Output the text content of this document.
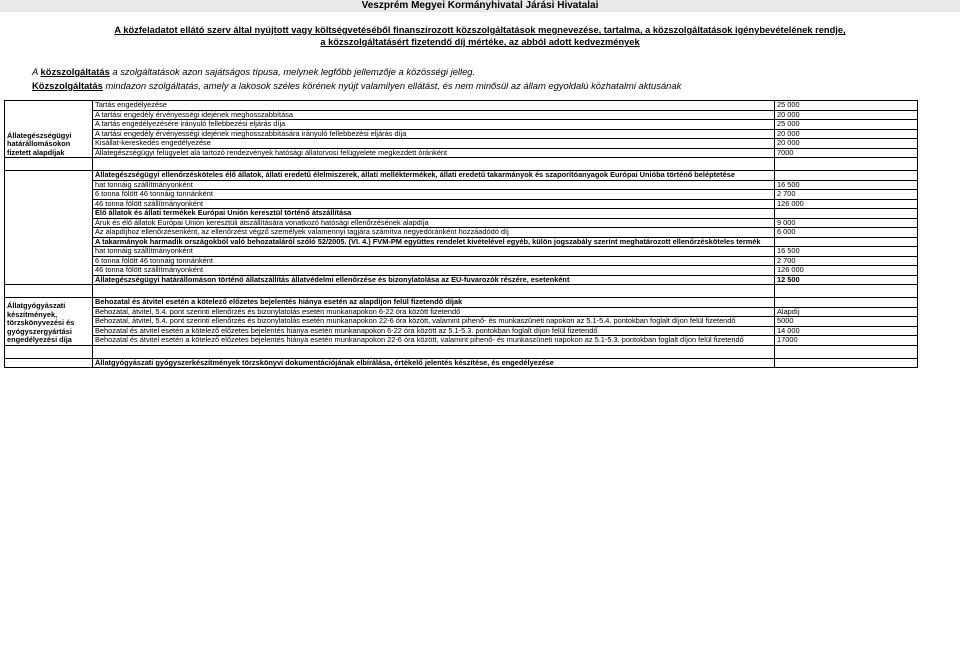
Veszprém Megyei Kormányhivatal Járási Hivatalai
A közfeladatot ellátó szerv által nyújtott vagy költségvetéséből finanszírozott közszolgáltatások megnevezése, tartalma, a közszolgáltatások igénybevételének rendje,
a közszolgáltatásért fizetendő díj mértéke, az abból adott kedvezmények
A közszolgáltatás a szolgáltatások azon sajátságos típusa, melynek legfőbb jellemzője a közösségi jelleg.
Közszolgáltatás mindazon szolgáltatás, amely a lakosok széles körének nyújt valamilyen ellátást, és nem minősül az állam egyoldalú közhatalmi aktusának
Állategészségügyi határállomásokon fizetett alapdíjak	Tartás engedélyezése	25 000
	A tartási engedély érvényességi idejének meghosszabbítása	20 000
	A tartás engedélyezésére irányuló fellebbezési eljárás díja	25 000
	A tartási engedély érvényességi idejének meghosszabbítására irányuló fellebbezési eljárás díja	20 000
	Kisállat-kereskedés engedélyezése	20 000
	Állategészségügyi felügyelet alá tartozó rendezvények hatósági állatorvosi felügyelete megkezdett óránként	7000

	Állategészségügyi ellenőrzésköteles élő állatok, állati eredetű élelmiszerek, állati melléktermékek, állati eredetű takarmányok és szaporítóanyagok Európai Unióba történő beléptetése	
	hat tonnáig szállítmányonként	16 500
	6 tonna fölött 46 tonnáig tonnánként	2 700
	46 tonna fölött szállítmányonként	126 000
	Élő állatok és állati termékek Európai Unión keresztül történő átszállítása	
	Áruk és élő állatok Európai Unión keresztüli átszállítására vonatkozó hatósági ellenőrzésének alapdíja	9 000
	Az alapdíjhoz ellenőrzésenként, az ellenőrzést végző személyek valamennyi tagjára számítva negyedóránként hozzáadódó díj	6 000
	A takarmányok harmadik országokból való behozataláról szóló 52/2005. (VI. 4.) FVM-PM együttes rendelet kivételével egyéb, külön jogszabály szerint meghatározott ellenőrzésköteles termék	
	hat tonnáig szállítmányonként	16 500
	6 tonna fölött 46 tonnáig tonnánként	2 700
	46 tonna fölött szállítmányonként	126 000
	Állategészségügyi határállomáson történő állatszállítás állatvédelmi ellenőrzése és bizonylatolása az EU-fuvarozók részére, esetenként	12 500

Állatgyógyászati készítmények, törzskönyvezési és gyógyszergyártási engedélyezési díja	Behozatal és átvitel esetén a kötelező előzetes bejelentés hiánya esetén az alapdíjon felül fizetendő díjak	
	Behozatal, átvitel, 5.4. pont szerinti ellenőrzés és bizonylatolás esetén munkanapokon 6-22 óra között fizetendő	Alapdíj
	Behozatal, átvitel, 5.4. pont szerinti ellenőrzés és bizonylatolás esetén munkanapokon 22-6 óra között, valamint pihenő- és munkaszüneti napokon az 5.1-5.4. pontokban foglalt díjon felül fizetendő	5000
	Behozatal és átvitel esetén a kötelező előzetes bejelentés hiánya esetén munkanapokon 6-22 óra között az 5.1-5.3. pontokban foglalt díjon felül fizetendő	14 000
	Behozatal és átvitel esetén a kötelező előzetes bejelentés hiánya esetén munkanapokon 22-6 óra között, valamint pihenő- és munkaszüneti napokon az 5.1-5.3. pontokban foglalt díjon felül fizetendő	17000

	Állatgyógyászati gyógyszerkészítmények törzskönyvi dokumentációjának elbírálása, értékelő jelentés készítése, és engedélyezése	
